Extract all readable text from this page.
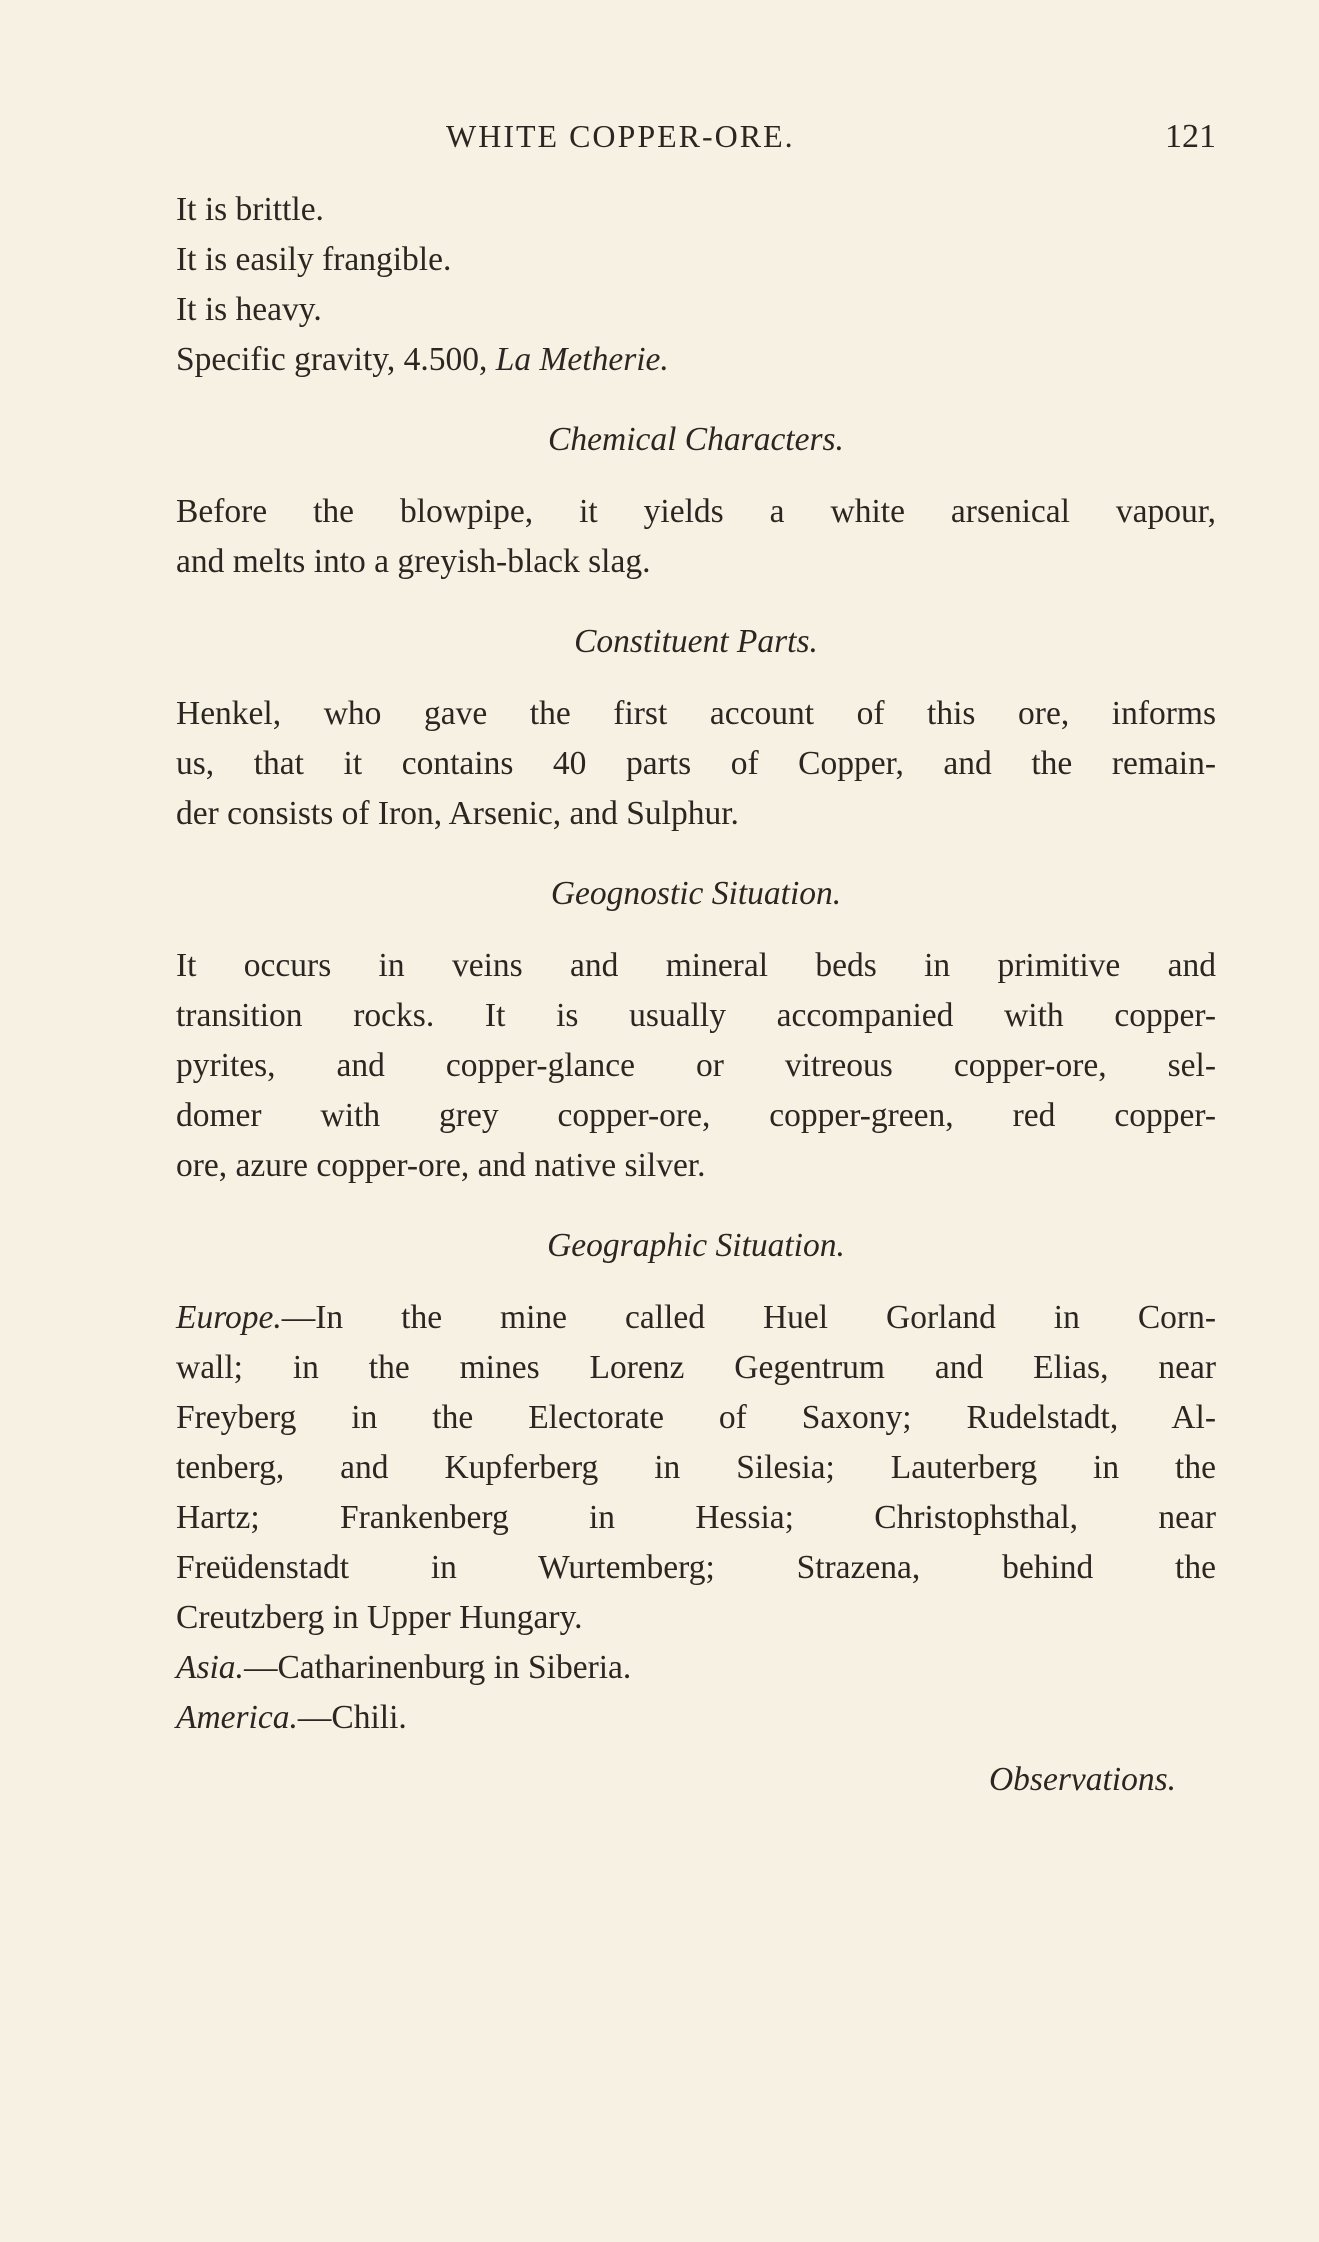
WHITE COPPER-ORE.	121
It is brittle.
It is easily frangible.
It is heavy.
Specific gravity, 4.500, La Metherie.
Chemical Characters.
Before the blowpipe, it yields a white arsenical vapour,
and melts into a greyish-black slag.
Constituent Parts.
Henkel, who gave the first account of this ore, informs
us, that it contains 40 parts of Copper, and the remain-
der consists of Iron, Arsenic, and Sulphur.
Geognostic Situation.
It occurs in veins and mineral beds in primitive and
transition rocks. It is usually accompanied with copper-
pyrites, and copper-glance or vitreous copper-ore, sel-
domer with grey copper-ore, copper-green, red copper-
ore, azure copper-ore, and native silver.
Geographic Situation.
Europe.—In the mine called Huel Gorland in Corn-
wall; in the mines Lorenz Gegentrum and Elias, near
Freyberg in the Electorate of Saxony; Rudelstadt, Al-
tenberg, and Kupferberg in Silesia; Lauterberg in the
Hartz; Frankenberg in Hessia; Christophsthal, near
Freüdenstadt in Wurtemberg; Strazena, behind the
Creutzberg in Upper Hungary.
Asia.—Catharinenburg in Siberia.
America.—Chili.
Observations.
